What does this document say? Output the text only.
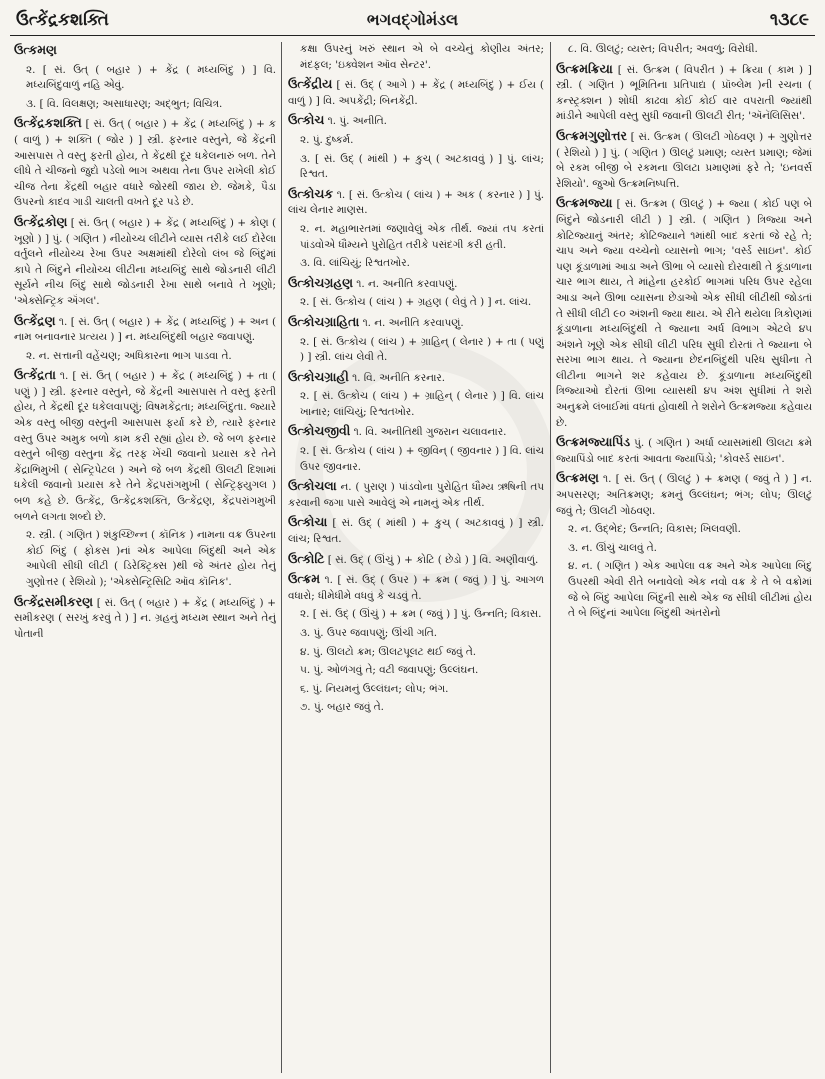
ઉત્કેંદ્રકશક્તિ	ભગવદ્ગોમંડલ	૧૩૮૯

ઉત્કમણ

૨. [ સં. ઉત્ ( બહાર ) + કેંદ્ર ( મધ્યબિંદુ ) ] વિ. મધ્યબિંદુવાળું નહિ એવું.

૩. [ વિ. વિલક્ષણ; અસાધારણ; અદ્ભુત; વિચિત્ર.

ઉત્કેંદ્રકશક્તિ [ સં. ઉત્ ( બહાર ) + કેંદ્ર ( મધ્યબિંદુ ) + ક ( વાળું ) + શક્તિ ( જોર ) ] સ્ત્રી. ફરનાર વસ્તુને, જે કેંદ્રની આસપાસ તે વસ્તુ ફરતી હોય, તે કેંદ્રથી દૂર ધકેલનારું બળ. તેને લીધે તે ચીજનો જુદો પડેલો ભાગ અથવા તેના ઉપર રાખેલી કોઈ ચીજ તેના કેંદ્રથી બહાર વધારે જોરથી જાય છે. જેમકે, પૈડા ઉપરનો કાદવ ગાડી ચાલતી વખતે દૂર પડે છે.

ઉત્કેંદ્રકોણ [ સં. ઉત્ ( બહાર ) + કેંદ્ર ( મધ્યબિંદુ ) + કોણ ( ખૂણો ) ] પું. ( ગણિત ) નીયોચ્ચ લીટીને વ્યાસ તરીકે લઈ દોરેલા વર્તુલને નીયોચ્ચ રેખા ઉપર અક્ષમાંથી દોરેલો લંબ જે બિંદુમાં કાપે તે બિંદુને નીયોચ્ચ લીટીના મધ્યબિંદુ સાથે જોડનારી લીટી સૂર્યને નીચ બિંદુ સાથે જોડનારી રેખા સાથે બનાવે તે ખૂણો; 'એક્સેન્ટ્રિક ઍંગલ'.

ઉત્કેંદ્રણ ૧. [ સં. ઉત્ ( બહાર ) + કેંદ્ર ( મધ્યબિંદુ ) + અન ( નામ બનાવનાર પ્રત્યય ) ] ન. મધ્યબિંદુથી બહાર જવાપણું.

૨. ન. સત્તાની વહેંચણ; અધિકારના ભાગ પાડવા તે.

ઉત્કેંદ્રતા ૧. [ સં. ઉત્ ( બહાર ) + કેંદ્ર ( મધ્યબિંદુ ) + તા ( પણું ) ] સ્ત્રી. ફરનાર વસ્તુને, જે કેંદ્રની આસપાસ તે વસ્તુ ફરતી હોય, તે કેંદ્રથી દૂર ધકેલવાપણું; વિષમકેંદ્રતા; મધ્યબિંદુતા. જ્યારે એક વસ્તુ બીજી વસ્તુની આસપાસ ફર્યા કરે છે, ત્યારે ફરનાર વસ્તુ ઉપર અમુક બળો કામ કરી રહ્યાં હોય છે. જે બળ ફરનાર વસ્તુને બીજી વસ્તુના કેંદ્ર તરફ ખેંચી જવાનો પ્રયાસ કરે તેને કેંદ્રાભિમુખી ( સેન્ટ્રિપેટલ ) અને જે બળ કેંદ્રથી ઊલટી દિશામાં ધકેલી જવાનો પ્રયાસ કરે તેને કેંદ્રપરાંગમુખી ( સેન્ટ્રિફ્યુગલ ) બળ કહે છે. ઉત્કેંદ્ર, ઉત્કેંદ્રકશક્તિ, ઉત્કેંદ્રણ, કેંદ્રપરાંગમુખી બળને લગતા શબ્દો છે.

૨. સ્ત્રી. ( ગણિત ) શંકુચ્છિન્ન ( કૉનિક ) નામના વક્ર ઉપરના કોઈ બિંદુ ( ફોકસ )નાં એક આપેલા બિંદુથી અને એક આપેલી સીધી લીટી ( ડિરેક્ટ્રિક્સ )થી જે અંતર હોય તેનું ગુણોત્તર ( રેશિયો ); 'એક્સેન્ટ્રિસિટિ ઑવ કૉનિક'.

ઉત્કેંદ્રસમીકરણ [ સં. ઉત્ ( બહાર ) + કેંદ્ર ( મધ્યબિંદુ ) + સમીકરણ ( સરખું કરવું તે ) ] ન. ગ્રહનું મધ્યમ સ્થાન અને તેનું પોતાની

કક્ષા ઉપરનું ખરું સ્થાન એ બે વચ્ચેનું કોણીય અંતર; મંદફલ; 'ઇક્વેશન ઑવ સેન્ટર'.

ઉત્કેંદ્રીય [ સં. ઉદ્ ( આગે ) + કેંદ્ર ( મધ્યબિંદુ ) + ઈય ( વાળું ) ] વિ. અપકેંદ્રી; બિનકેંદ્રી.

ઉત્કોચ ૧. પું. અનીતિ.

૨. પું. દુષ્કર્મ.

૩. [ સં. ઉદ્ ( માંથી ) + કુચ્ ( અટકાવવું ) ] પું. લાંચ; રિશ્વત.

ઉત્કોચક ૧. [ સં. ઉત્કોચ ( લાંચ ) + અક ( કરનાર ) ] પું. લાંચ લેનાર માણસ.

૨. ન. મહાભારતમાં જણાવેલું એક તીર્થ. જ્યાં તપ કરતાં પાંડવોએ ધૌમ્યને પુરોહિત તરીકે પસંદગી કરી હતી.

૩. વિ. લાંચિયું; રિશ્વતખોર.

ઉત્કોચગ્રહણ ૧. ન. અનીતિ કરવાપણું.

૨. [ સં. ઉત્કોચ ( લાંચ ) + ગ્રહણ ( લેવું તે ) ] ન. લાંચ.

ઉત્કોચગ્રાહિતા ૧. ન. અનીતિ કરવાપણું.

૨. [ સં. ઉત્કોચ ( લાંચ ) + ગ્રાહિન્ ( લેનાર ) + તા ( પણું ) ] સ્ત્રી. લાંચ લેવી તે.

ઉત્કોચગ્રાહી ૧. વિ. અનીતિ કરનાર.

૨. [ સં. ઉત્કોચ ( લાંચ ) + ગ્રાહિન્ ( લેનાર ) ] વિ. લાંચ ખાનાર; લાંચિયું; રિશ્વતખોર.

ઉત્કોચજીવી ૧. વિ. અનીતિથી ગુજરાન ચલાવનાર.

૨. [ સં. ઉત્કોચ ( લાંચ ) + જીવિન્ ( જીવનાર ) ] વિ. લાંચ ઉપર જીવનાર.

ઉત્કોચલા ન. ( પુરાણ ) પાંડવોના પુરોહિત ધૌમ્ય ઋષિની તપ કરવાની જગા પાસે આવેલું એ નામનું એક તીર્થ.

ઉત્કોચા [ સં. ઉદ્ ( માંથી ) + કુચ્ ( અટકાવવું ) ] સ્ત્રી. લાંચ; રિશ્વત.

ઉત્કોટિ [ સં. ઉદ્ ( ઊંચું ) + કોટિ ( છેડો ) ] વિ. અણીવાળું.

ઉત્ક્રમ ૧. [ સં. ઉદ્ ( ઉપર ) + ક્રમ ( જવું ) ] પું. આગળ વધારો; ધીમેધીમે વધવું કે ચડવું તે.

૨. [ સં. ઉદ્ ( ઊંચું ) + ક્રમ ( જવું ) ] પું. ઉન્નતિ; વિકાસ.

૩. પું. ઉપર જવાપણું; ઊંચી ગતિ.

૪. પું. ઊલટો ક્રમ; ઊલટપૂલટ થઈ જવું તે.

૫. પું. ઓળંગવું તે; વટી જવાપણું; ઉલ્લંઘન.

૬. પું. નિયમનું ઉલ્લંઘન; લોપ; ભંગ.

૭. પું. બહાર જવું તે.

૮. વિ. ઊલટું; વ્યસ્ત; વિપરીત; અવળું; વિરોધી.

ઉત્ક્રમક્રિયા [ સં. ઉત્ક્રમ ( વિપરીત ) + ક્રિયા ( કામ ) ] સ્ત્રી. ( ગણિત ) ભૂમિતિના પ્રતિપાદ્ય ( પ્રૉબ્લેમ )ની રચના ( કન્સ્ટ્રક્શન ) શોધી કાઢવા કોઈ કોઈ વાર વપરાતી જ્યાંથી માંડીને આપેલી વસ્તુ સુધી જવાની ઊલટી રીત; 'ઍનૅલિસિસ'.

ઉત્ક્રમગુણોત્તર [ સં. ઉત્ક્રમ ( ઊલટી ગોઠવણ ) + ગુણોત્તર ( રેશિયો ) ] પું. ( ગણિત ) ઊલટું પ્રમાણ; વ્યસ્ત પ્રમાણ; જેમાં બે રકમ બીજી બે રકમના ઊલટા પ્રમાણમાં ફરે તે; 'ઇનવર્સ રેશિયો'. જુઓ ઉત્ક્રમનિષ્પત્તિ.

ઉત્ક્રમજ્યા [ સં. ઉત્ક્રમ ( ઊલટું ) + જ્યા ( કોઈ પણ બે બિંદુને જોડનારી લીટી ) ] સ્ત્રી. ( ગણિત ) ત્રિજ્યા અને કોટિજ્યાનું અંતર; કોટિજ્યાને ૧માંથી બાદ કરતાં જે રહે તે; ચાપ અને જ્યા વચ્ચેનો વ્યાસનો ભાગ; 'વર્સ્ડ સાઇન'. કોઈ પણ કૂંડાળામાં આડા અને ઊભા બે વ્યાસો દોરવાથી તે કૂંડાળાના ચાર ભાગ થાય, તે માંહેના હરકોઈ ભાગમાં પરિધ ઉપર રહેલા આડા અને ઊભા વ્યાસના છેડાઓ એક સીધી લીટીથી જોડતાં તે સીધી લીટી ૯૦ અંશની જ્યા થાય. એ રીતે થયેલા ત્રિકોણમાં કૂંડાળાના મધ્યબિંદુથી તે જ્યાના અર્ધ વિભાગ એટલે ૪૫ અંશને ખૂણે એક સીધી લીટી પરિધ સુધી દોરતાં તે જ્યાના બે સરખા ભાગ થાય. તે જ્યાના છેદનબિંદુથી પરિધ સુધીના તે લીટીના ભાગને શર કહેવાય છે. કૂંડાળાના મધ્યબિંદુથી ત્રિજ્યાઓ દોરતાં ઊભા વ્યાસથી ૪૫ અંશ સુધીમાં તે શરો અનુક્રમે લંબાઈમાં વધતાં હોવાથી તે શરોને ઉત્ક્રમજ્યા કહેવાય છે.

ઉત્ક્રમજ્યાપિંડ પું. ( ગણિત ) અર્ધા વ્યાસમાંથી ઊલટા ક્રમે જ્યાપિંડો બાદ કરતાં આવતા જ્યાપિંડો; 'કોવર્સ્ડ સાઇન'.

ઉત્ક્રમણ ૧. [ સં. ઉત્ ( ઊલટું ) + ક્રમણ ( જવું તે ) ] ન. અપસરણ; અતિક્રમણ; ક્રમનું ઉલ્લંઘન; ભંગ; લોપ; ઊલટું જવું તે; ઊલટી ગોઠવણ.

૨. ન. ઉદ્ભેદ; ઉન્નતિ; વિકાસ; ખિલવણી.

૩. ન. ઊંચું ચાલવું તે.

૪. ન. ( ગણિત ) એક આપેલા વક્ર અને એક આપેલા બિંદુ ઉપરથી એવી રીતે બનાવેલો એક નવો વક્ર કે તે બે વક્રોમાં જે બે બિંદુ આપેલા બિંદુની સાથે એક જ સીધી લીટીમાં હોય તે બે બિંદુનાં આપેલા બિંદુથી અંતરોનો
